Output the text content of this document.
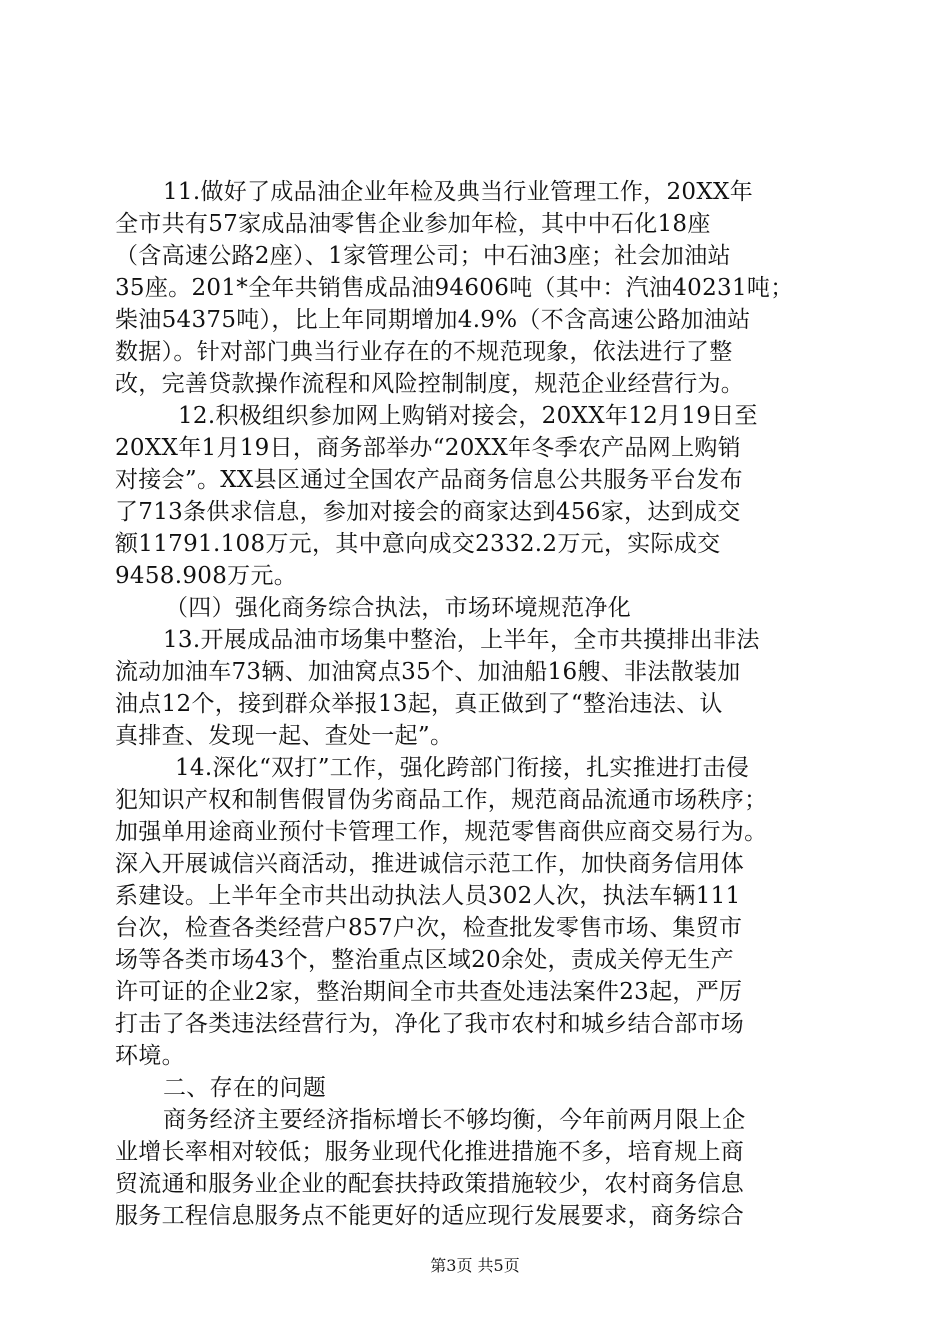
11.做好了成品油企业年检及典当行业管理工作，20XX年
全市共有57家成品油零售企业参加年检，其中中石化18座
（含高速公路2座）、1家管理公司；中石油3座；社会加油站
35座。201*全年共销售成品油94606吨（其中：汽油40231吨；
柴油54375吨），比上年同期增加4.9%（不含高速公路加油站
数据）。针对部门典当行业存在的不规范现象，依法进行了整
改，完善贷款操作流程和风险控制制度，规范企业经营行为。
12.积极组织参加网上购销对接会，20XX年12月19日至
20XX年1月19日，商务部举办“20XX年冬季农产品网上购销
对接会”。XX县区通过全国农产品商务信息公共服务平台发布
了713条供求信息，参加对接会的商家达到456家，达到成交
额11791.108万元，其中意向成交2332.2万元，实际成交
9458.908万元。
（四）强化商务综合执法，市场环境规范净化
13.开展成品油市场集中整治，上半年，全市共摸排出非法
流动加油车73辆、加油窝点35个、加油船16艘、非法散装加
油点12个，接到群众举报13起，真正做到了“整治违法、认
真排查、发现一起、查处一起”。
14.深化“双打”工作，强化跨部门衔接，扎实推进打击侵
犯知识产权和制售假冒伪劣商品工作，规范商品流通市场秩序；
加强单用途商业预付卡管理工作，规范零售商供应商交易行为。
深入开展诚信兴商活动，推进诚信示范工作，加快商务信用体
系建设。上半年全市共出动执法人员302人次，执法车辆111
台次，检查各类经营户857户次，检查批发零售市场、集贸市
场等各类市场43个，整治重点区域20余处，责成关停无生产
许可证的企业2家，整治期间全市共查处违法案件23起，严厉
打击了各类违法经营行为，净化了我市农村和城乡结合部市场
环境。
二、存在的问题
商务经济主要经济指标增长不够均衡，今年前两月限上企
业增长率相对较低；服务业现代化推进措施不多，培育规上商
贸流通和服务业企业的配套扶持政策措施较少，农村商务信息
服务工程信息服务点不能更好的适应现行发展要求，商务综合
第3页 共5页
